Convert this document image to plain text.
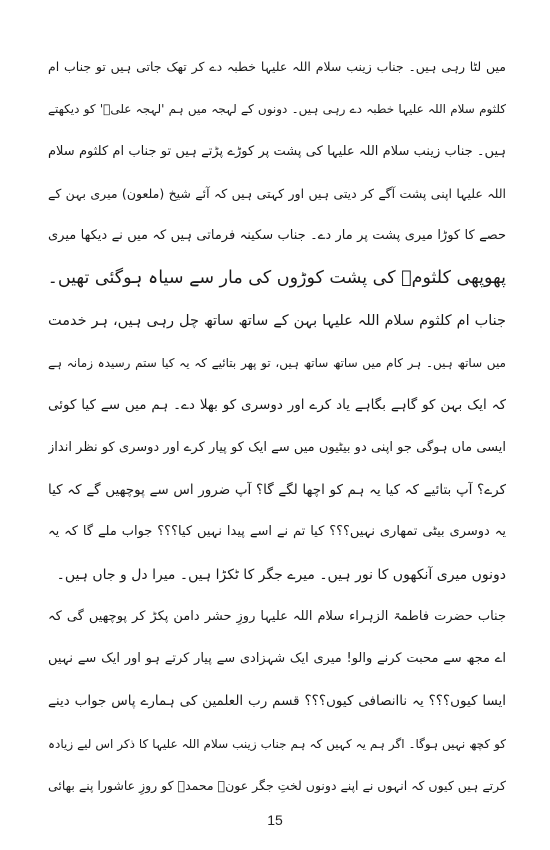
میں لٹا رہی ہیں۔ جناب زینب سلام اللہ علیہا خطبہ دے کر تھک جاتی ہیں تو جناب ام
کلثوم سلام اللہ علیہا خطبہ دے رہی ہیں۔ دونوں کے لہجہ میں ہم 'لہجہ علیؑ' کو دیکھتے
ہیں۔ جناب زینب سلام اللہ علیہا کی پشت پر کوڑے پڑتے ہیں تو جناب ام کلثوم سلام
اللہ علیہا اپنی پشت آگے کر دیتی ہیں اور کہتی ہیں کہ آئے شیخ (ملعون) میری بہن کے
حصے کا کوڑا میری پشت پر مار دے۔ جناب سکینہ فرماتی ہیں کہ میں نے دیکھا میری
پھوپھی کلثومؑ کی پشت کوڑوں کی مار سے سیاہ ہوگئی تھیں۔
جناب ام کلثوم سلام اللہ علیہا بہن کے ساتھ ساتھ چل رہی ہیں، ہر خدمت
میں ساتھ ہیں۔ ہر کام میں ساتھ ساتھ ہیں، تو پھر بتائیے کہ یہ کیا ستم رسیدہ زمانہ ہے
کہ ایک بہن کو گاہے بگاہے یاد کرے اور دوسری کو بھلا دے۔ ہم میں سے کیا کوئی
ایسی ماں ہوگی جو اپنی دو بیٹیوں میں سے ایک کو پیار کرے اور دوسری کو نظر انداز
کرے؟ آپ بتائیے کہ کیا یہ ہم کو اچھا لگے گا؟ آپ ضرور اس سے پوچھیں گے کہ کیا
یہ دوسری بیٹی تمھاری نہیں؟؟؟ کیا تم نے اسے پیدا نہیں کیا؟؟؟ جواب ملے گا کہ یہ
دونوں میری آنکھوں کا نور ہیں۔ میرے جگر کا ٹکڑا ہیں۔ میرا دل و جاں ہیں۔
جناب حضرت فاطمۃ الزہراء سلام اللہ علیہا روزِ حشر دامن پکڑ کر پوچھیں گی کہ
اے مجھ سے محبت کرنے والو! میری ایک شہزادی سے پیار کرتے ہو اور ایک سے نہیں
ایسا کیوں؟؟؟ یہ ناانصافی کیوں؟؟؟ قسم رب العلمین کی ہمارے پاس جواب دینے
کو کچھ نہیں ہوگا۔ اگر ہم یہ کہیں کہ ہم جناب زینب سلام اللہ علیہا کا ذکر اس لیے زیادہ
کرتے ہیں کیوں کہ انہوں نے اپنے دونوں لختِ جگر عونؑ محمدؑ کو روزِ عاشورا پنے بھائی
15
